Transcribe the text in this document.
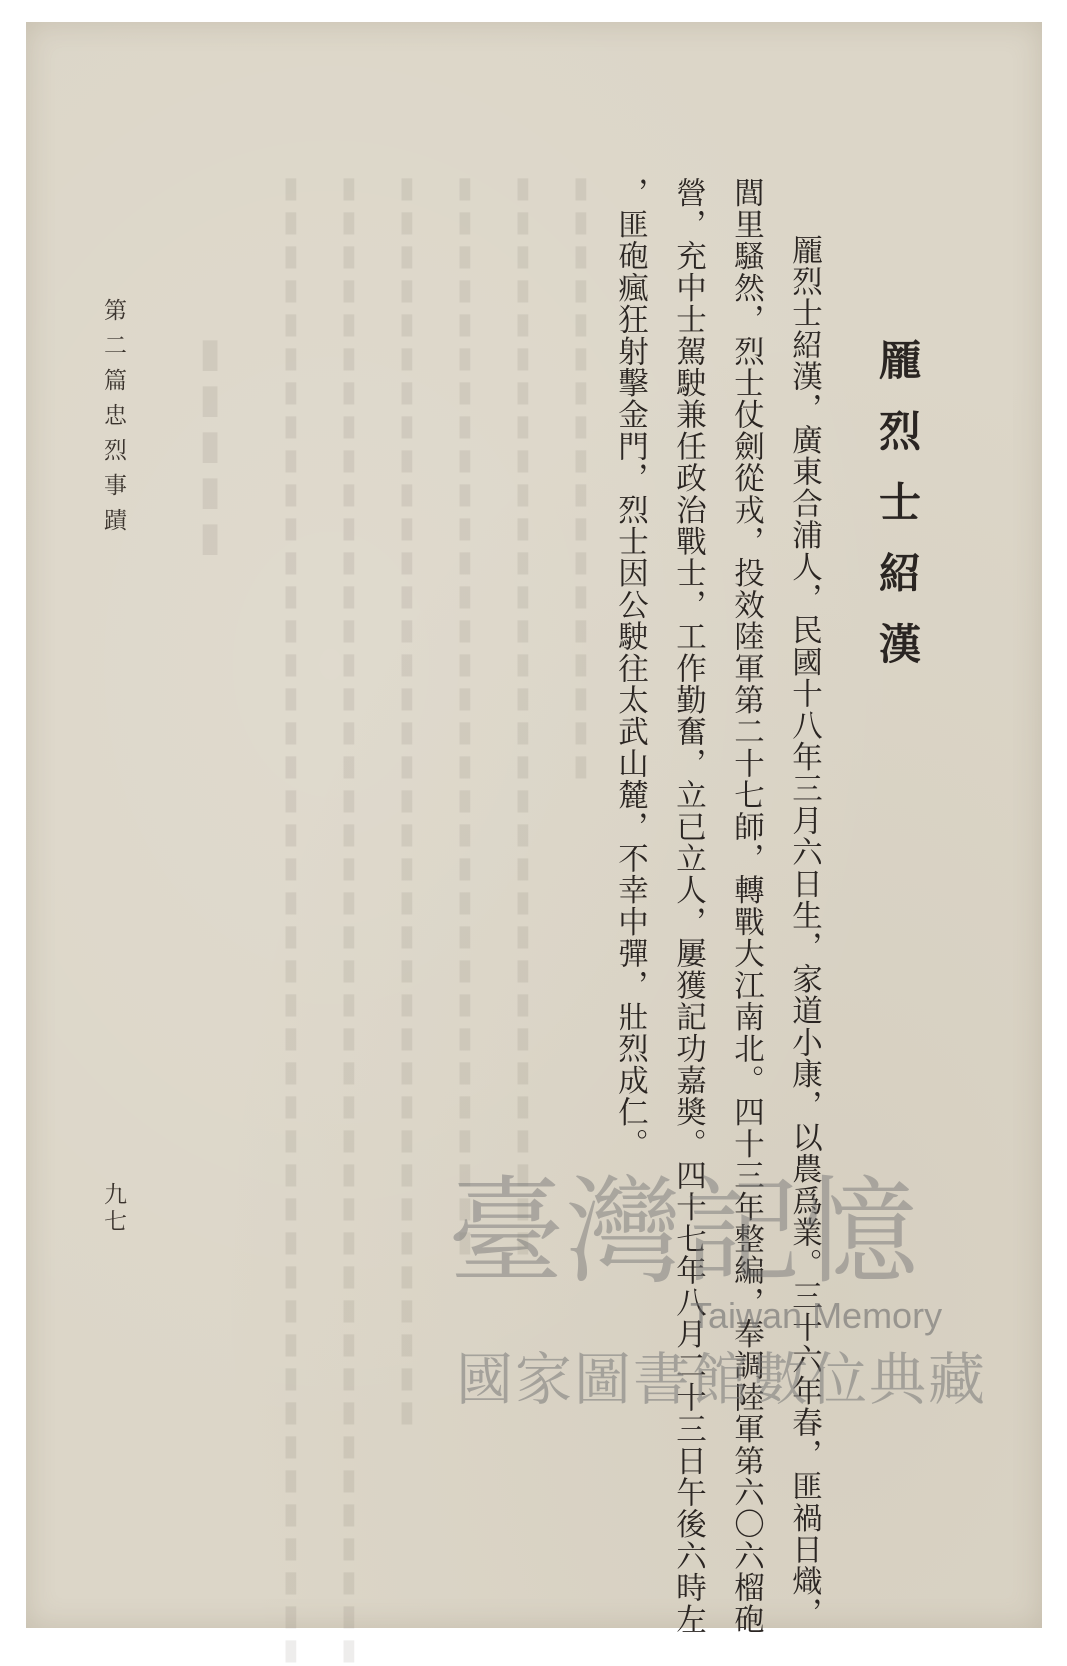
▮▮▮▮▮▮▮▮▮▮▮▮▮▮▮▮▮▮
▮▮▮▮▮▮▮▮▮▮▮▮▮▮▮▮▮▮▮▮▮▮▮▮▮▮▮▮▮▮▮▮
▮▮▮▮▮▮▮▮▮▮▮▮▮▮▮▮▮▮▮▮▮▮▮▮▮▮▮▮▮▮▮▮
▮▮▮▮▮▮▮▮▮▮▮▮▮▮▮▮▮▮▮▮▮▮▮▮▮▮▮▮▮▮▮▮▮▮▮▮▮
▮▮▮▮▮▮▮▮▮▮▮▮▮▮▮▮▮▮▮▮▮▮▮▮▮▮▮▮▮▮▮▮▮▮▮▮▮▮▮▮▮▮▮▮
▮▮▮▮▮▮▮▮▮▮▮▮▮▮▮▮▮▮▮▮▮▮▮▮▮▮▮▮▮▮▮▮▮▮▮▮▮▮▮▮▮▮▮▮
▮▮▮▮▮	龎烈士紹漢
龎烈士紹漢，廣東合浦人，民國十八年三月六日生，家道小康，以農爲業。三十六年春，匪禍日熾，
閭里騷然，烈士仗劍從戎，投效陸軍第二十七師，轉戰大江南北。四十三年整編，奉調陸軍第六〇六榴砲
營，充中士駕駛兼任政治戰士，工作勤奮，立已立人，屢獲記功嘉奬。四十七年八月二十三日午後六時左
，匪砲瘋狂射擊金門，烈士因公駛往太武山麓，不幸中彈，壯烈成仁。
第二篇忠烈事蹟
九七	臺灣記憶
Taiwan Memory
國家圖書館數位典藏
